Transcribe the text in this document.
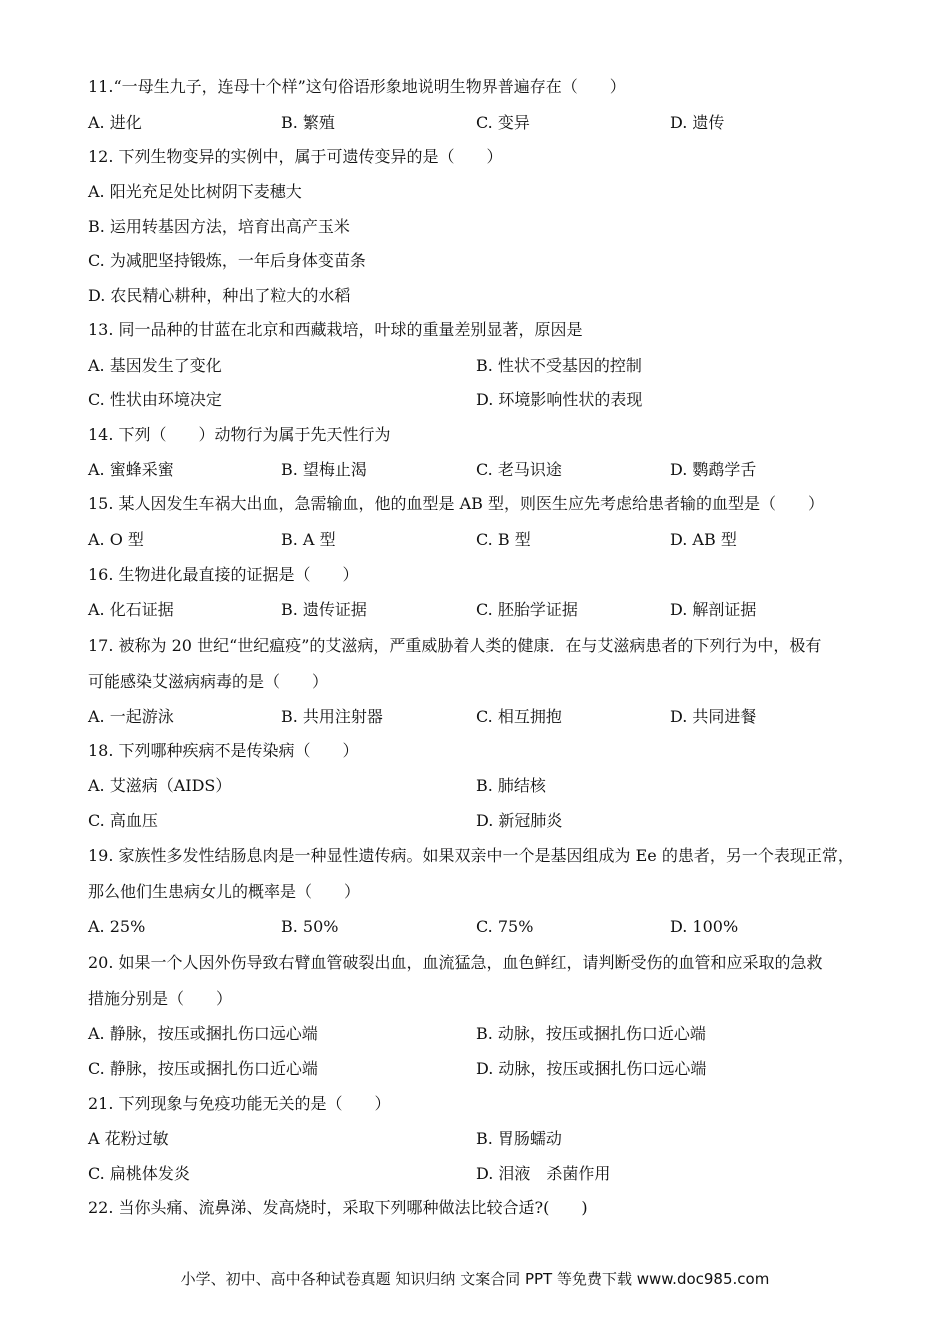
11.“一母生九子，连母十个样”这句俗语形象地说明生物界普遍存在（　　）
A. 进化	B. 繁殖	C. 变异	D. 遗传
12. 下列生物变异的实例中，属于可遗传变异的是（　　）
A. 阳光充足处比树阴下麦穗大
B. 运用转基因方法，培育出高产玉米
C. 为减肥坚持锻炼，一年后身体变苗条
D. 农民精心耕种，种出了粒大的水稻
13. 同一品种的甘蓝在北京和西藏栽培，叶球的重量差别显著，原因是
A. 基因发生了变化	B. 性状不受基因的控制
C. 性状由环境决定	D. 环境影响性状的表现
14. 下列（　　）动物行为属于先天性行为
A. 蜜蜂采蜜	B. 望梅止渴	C. 老马识途	D. 鹦鹉学舌
15. 某人因发生车祸大出血，急需输血，他的血型是 AB 型，则医生应先考虑给患者输的血型是（　　）
A. O 型	B. A 型	C. B 型	D. AB 型
16. 生物进化最直接的证据是（　　）
A. 化石证据	B. 遗传证据	C. 胚胎学证据	D. 解剖证据
17. 被称为 20 世纪“世纪瘟疫”的艾滋病，严重威胁着人类的健康．在与艾滋病患者的下列行为中，极有
可能感染艾滋病病毒的是（　　）
A. 一起游泳	B. 共用注射器	C. 相互拥抱	D. 共同进餐
18. 下列哪种疾病不是传染病（　　）
A. 艾滋病（AIDS）	B. 肺结核
C. 高血压	D. 新冠肺炎
19. 家族性多发性结肠息肉是一种显性遗传病。如果双亲中一个是基因组成为 Ee 的患者，另一个表现正常，
那么他们生患病女儿的概率是（　　）
A. 25%	B. 50%	C. 75%	D. 100%
20. 如果一个人因外伤导致右臂血管破裂出血，血流猛急，血色鲜红，请判断受伤的血管和应采取的急救
措施分别是（　　）
A. 静脉，按压或捆扎伤口远心端	B. 动脉，按压或捆扎伤口近心端
C. 静脉，按压或捆扎伤口近心端	D. 动脉，按压或捆扎伤口远心端
21. 下列现象与免疫功能无关的是（　　）
A 花粉过敏	B. 胃肠蠕动
C. 扁桃体发炎	D. 泪液　杀菌作用
22. 当你头痛、流鼻涕、发高烧时，采取下列哪种做法比较合适?(　　)
小学、初中、高中各种试卷真题 知识归纳 文案合同 PPT 等免费下载 www.doc985.com
